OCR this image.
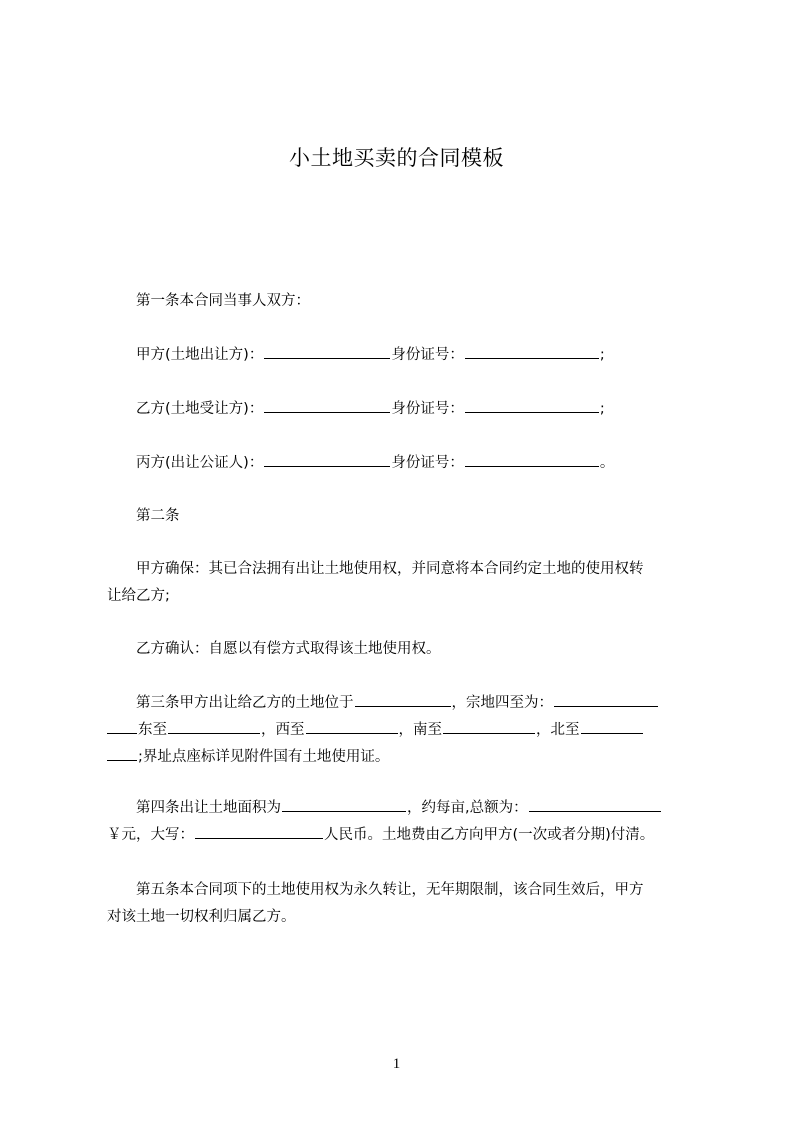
小土地买卖的合同模板
第一条本合同当事人双方：
甲方(土地出让方)：	身份证号：	;
乙方(土地受让方)：	身份证号：	;
丙方(出让公证人)：	身份证号：	。
第二条
甲方确保：其已合法拥有出让土地使用权，并同意将本合同约定土地的使用权转
让给乙方;
乙方确认：自愿以有偿方式取得该土地使用权。
第三条甲方出让给乙方的土地位于	，宗地四至为：
东至	，西至	，南至	，北至
;界址点座标详见附件国有土地使用证。
第四条出让土地面积为	，约每亩,总额为：
￥元，大写：	人民币。土地费由乙方向甲方(一次或者分期)付清。
第五条本合同项下的土地使用权为永久转让，无年期限制，该合同生效后，甲方
对该土地一切权利归属乙方。
1
